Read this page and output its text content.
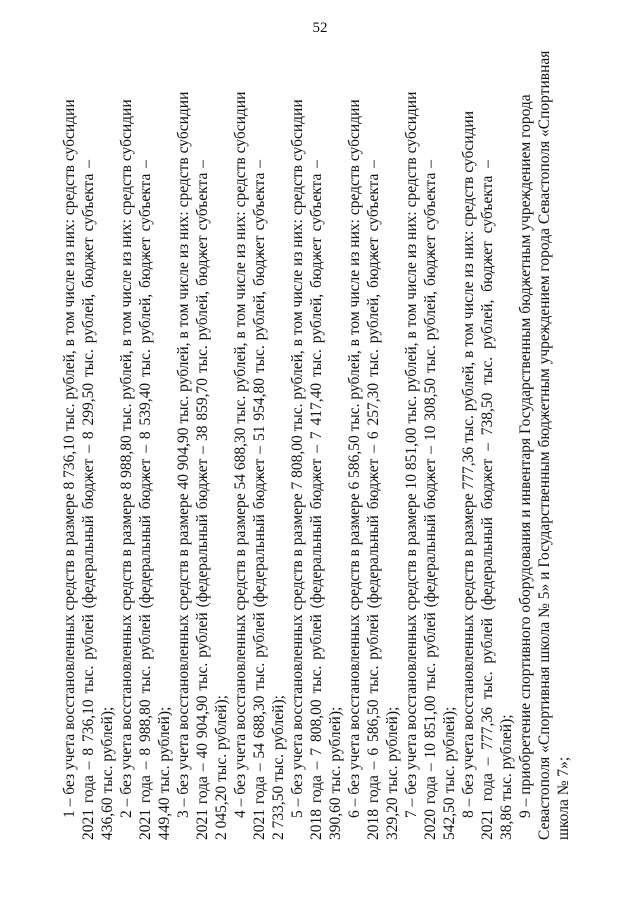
52
1 – без учета восстановленных средств в размере 8 736,10 тыс. рублей, в том числе из них: средств субсидии 2021 года – 8 736,10 тыс. рублей (федеральный бюджет – 8 299,50 тыс. рублей, бюджет субъекта – 436,60 тыс. рублей); 2 – без учета восстановленных средств в размере 8 988,80 тыс. рублей, в том числе из них: средств субсидии 2021 года – 8 988,80 тыс. рублей (федеральный бюджет – 8 539,40 тыс. рублей, бюджет субъекта – 449,40 тыс. рублей); 3 – без учета восстановленных средств в размере 40 904,90 тыс. рублей, в том числе из них: средств субсидии 2021 года – 40 904,90 тыс. рублей (федеральный бюджет – 38 859,70 тыс. рублей, бюджет субъекта – 2 045,20 тыс. рублей); 4 – без учета восстановленных средств в размере 54 688,30 тыс. рублей, в том числе из них: средств субсидии 2021 года – 54 688,30 тыс. рублей (федеральный бюджет – 51 954,80 тыс. рублей, бюджет субъекта – 2 733,50 тыс. рублей); 5 – без учета восстановленных средств в размере 7 808,00 тыс. рублей, в том числе из них: средств субсидии 2018 года – 7 808,00 тыс. рублей (федеральный бюджет – 7 417,40 тыс. рублей, бюджет субъекта – 390,60 тыс. рублей); 6 – без учета восстановленных средств в размере 6 586,50 тыс. рублей, в том числе из них: средств субсидии 2018 года – 6 586,50 тыс. рублей (федеральный бюджет – 6 257,30 тыс. рублей, бюджет субъекта – 329,20 тыс. рублей); 7 – без учета восстановленных средств в размере 10 851,00 тыс. рублей, в том числе из них: средств субсидии 2020 года – 10 851,00 тыс. рублей (федеральный бюджет – 10 308,50 тыс. рублей, бюджет субъекта – 542,50 тыс. рублей); 8 – без учета восстановленных средств в размере 777,36 тыс. рублей, в том числе из них: средств субсидии 2021 года – 777,36 тыс. рублей (федеральный бюджет – 738,50 тыс. рублей, бюджет субъекта – 38,86 тыс. рублей); 9 – приобретение спортивного оборудования и инвентаря Государственным бюджетным учреждением города Севастополя «Спортивная школа № 5» и Государственным бюджетным учреждением города Севастополя «Спортивная школа № 7»;
